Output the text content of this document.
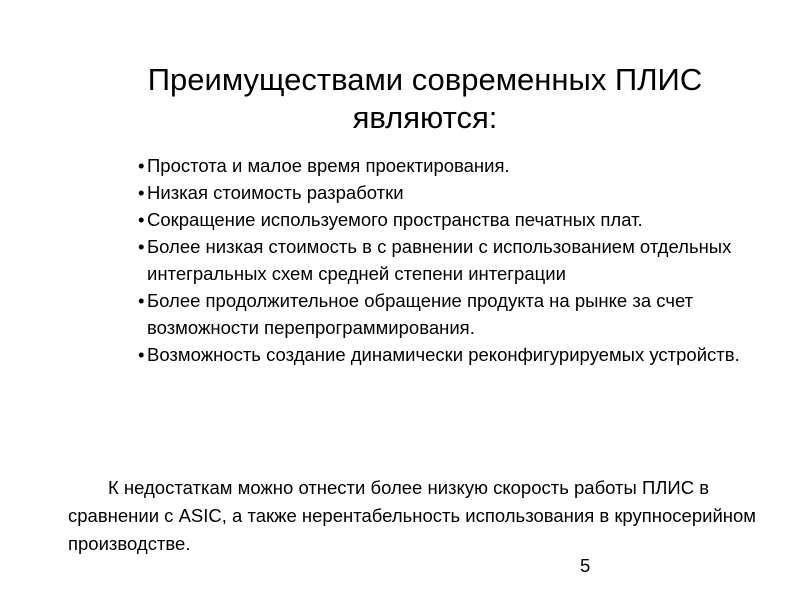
Преимуществами современных ПЛИС
являются:
• Простота и малое время проектирования.
• Низкая стоимость разработки
• Сокращение используемого пространства печатных плат.
• Более низкая стоимость в с равнении с использованием отдельных интегральных схем средней степени интеграции
• Более продолжительное обращение продукта на рынке за счет возможности перепрограммирования.
• Возможность создание динамически реконфигурируемых устройств.

К недостаткам можно отнести более низкую скорость работы ПЛИС в сравнении с ASIC, а также нерентабельность использования в крупносерийном производстве.

5
